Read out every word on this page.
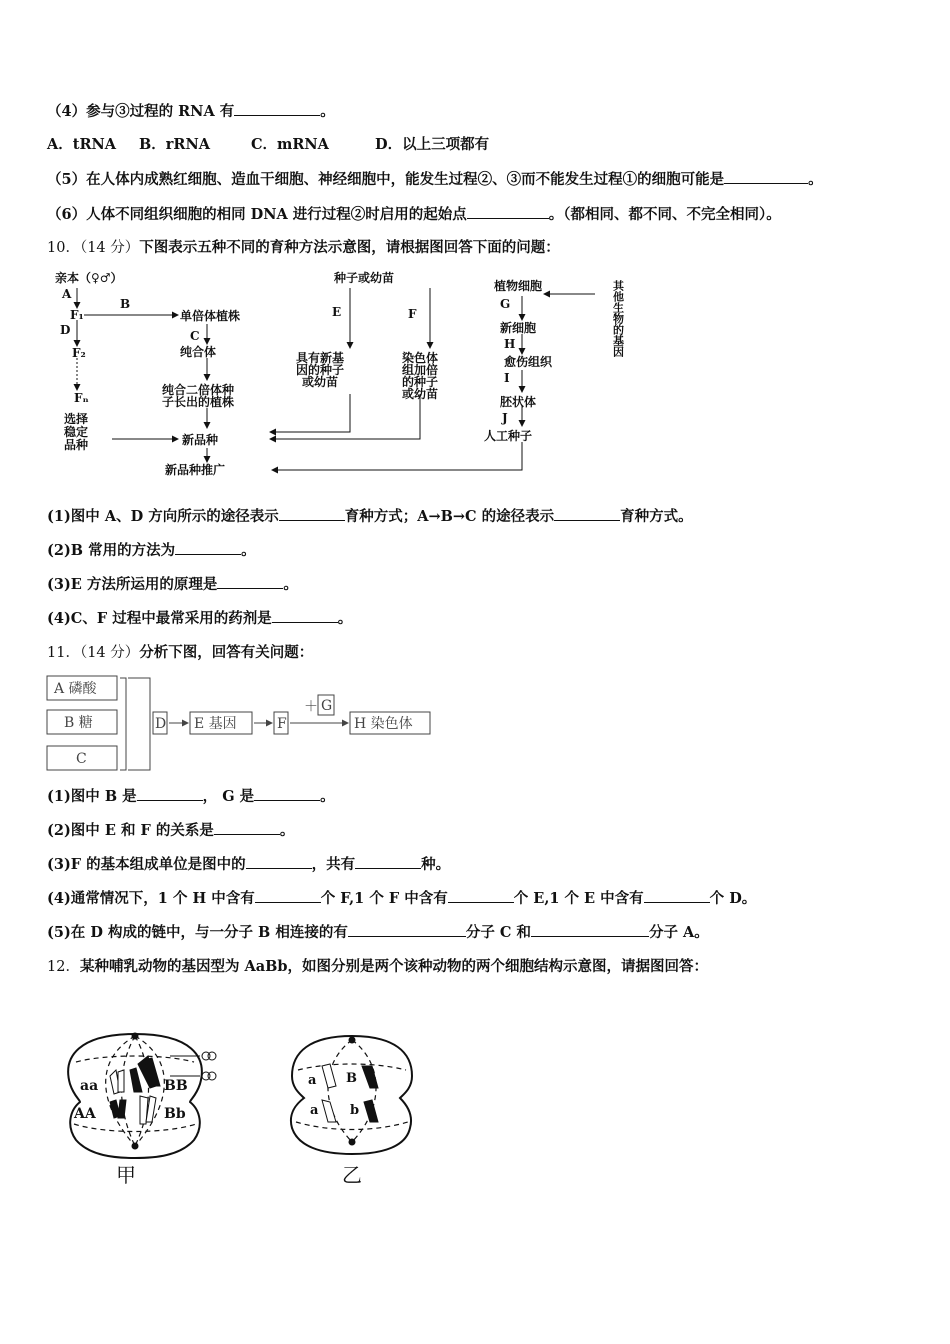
（4）参与③过程的 RNA 有	。
A．tRNA B．rRNA	C．mRNA	D．以上三项都有
（5）在人体内成熟红细胞、造血干细胞、神经细胞中，能发生过程②、③而不能发生过程①的细胞可能是	。
（6）人体不同组织细胞的相同 DNA 进行过程②时启用的起始点	。（都相同、都不同、不完全相同）。
10．（14 分）下图表示五种不同的育种方法示意图，请根据图回答下面的问题：
亲本（♀♂）
A
F₁
D
F₂
Fₙ
B
选择
稳定
品种
单倍体植株
C
纯合体
纯合二倍体种
子长出的植株
新品种
新品种推广
种子或幼苗
E	F
具有新基
因的种子
或幼苗
染色体
组加倍
的种子
或幼苗
植物细胞
G
新细胞
H
愈伤组织
I
胚状体
J
人工种子
其他生物的基因
(1)图中 A、D 方向所示的途径表示	育种方式；A→B→C 的途径表示	育种方式。
(2)B 常用的方法为	。
(3)E 方法所运用的原理是	。
(4)C、F 过程中最常采用的药剂是	。
11．（14 分）分析下图，回答有关问题：
A 磷酸
B 糖
C
D E 基因	F
＋ G
H 染色体
(1)图中 B 是	， G 是	。
(2)图中 E 和 F 的关系是	。
(3)F 的基本组成单位是图中的	，共有	种。
(4)通常情况下，1 个 H 中含有	个 F,1 个 F 中含有	个 E,1 个 E 中含有	个 D。
(5)在 D 构成的链中，与一分子 B 相连接的有	分子 C 和	分子 A。
12．某种哺乳动物的基因型为 AaBb，如图分别是两个该种动物的两个细胞结构示意图，请据图回答：
aa
AA
BB
Bb
甲
a B
a b
乙
